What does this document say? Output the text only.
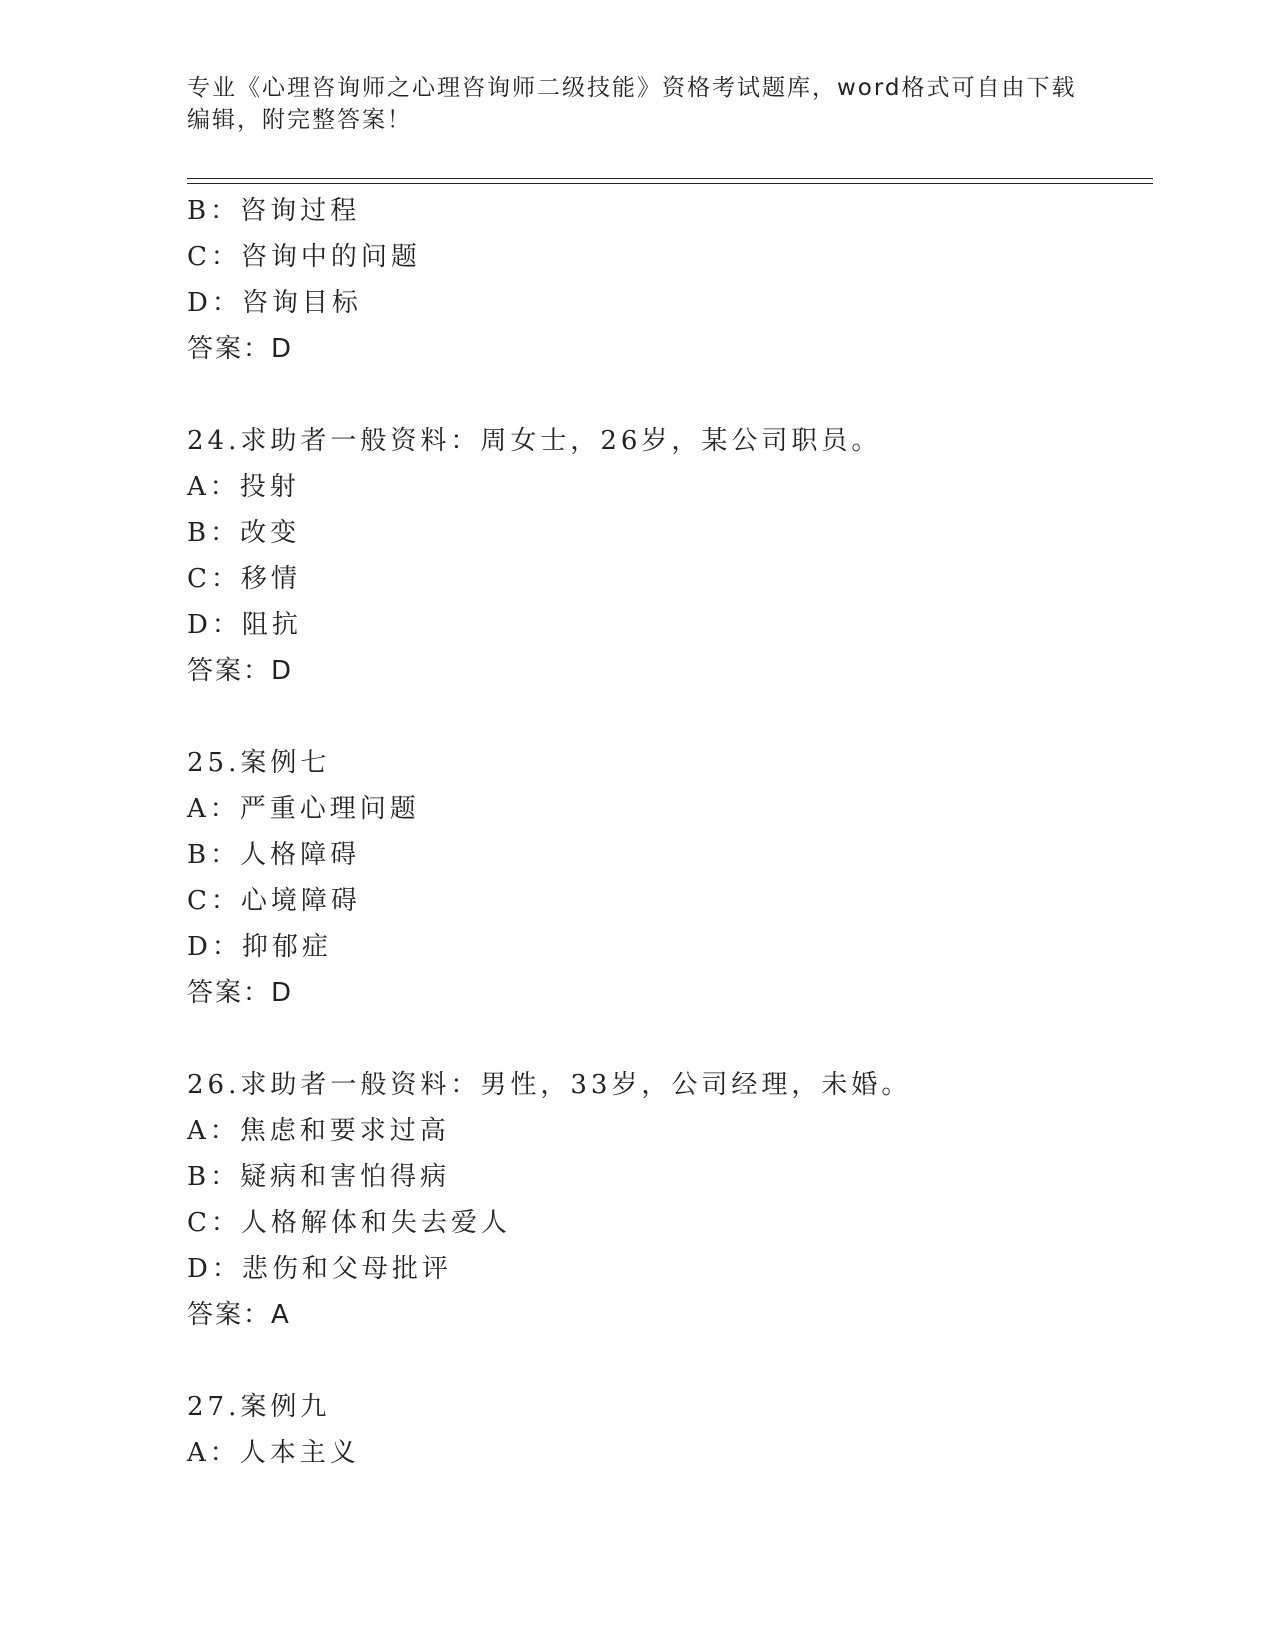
专业《心理咨询师之心理咨询师二级技能》资格考试题库，word格式可自由下载
编辑，附完整答案！
B：咨询过程
C：咨询中的问题
D：咨询目标
答案：D
24.求助者一般资料：周女士，26岁，某公司职员。
A：投射
B：改变
C：移情
D：阻抗
答案：D
25.案例七
A：严重心理问题
B：人格障碍
C：心境障碍
D：抑郁症
答案：D
26.求助者一般资料：男性，33岁，公司经理，未婚。
A：焦虑和要求过高
B：疑病和害怕得病
C：人格解体和失去爱人
D：悲伤和父母批评
答案：A
27.案例九
A：人本主义
